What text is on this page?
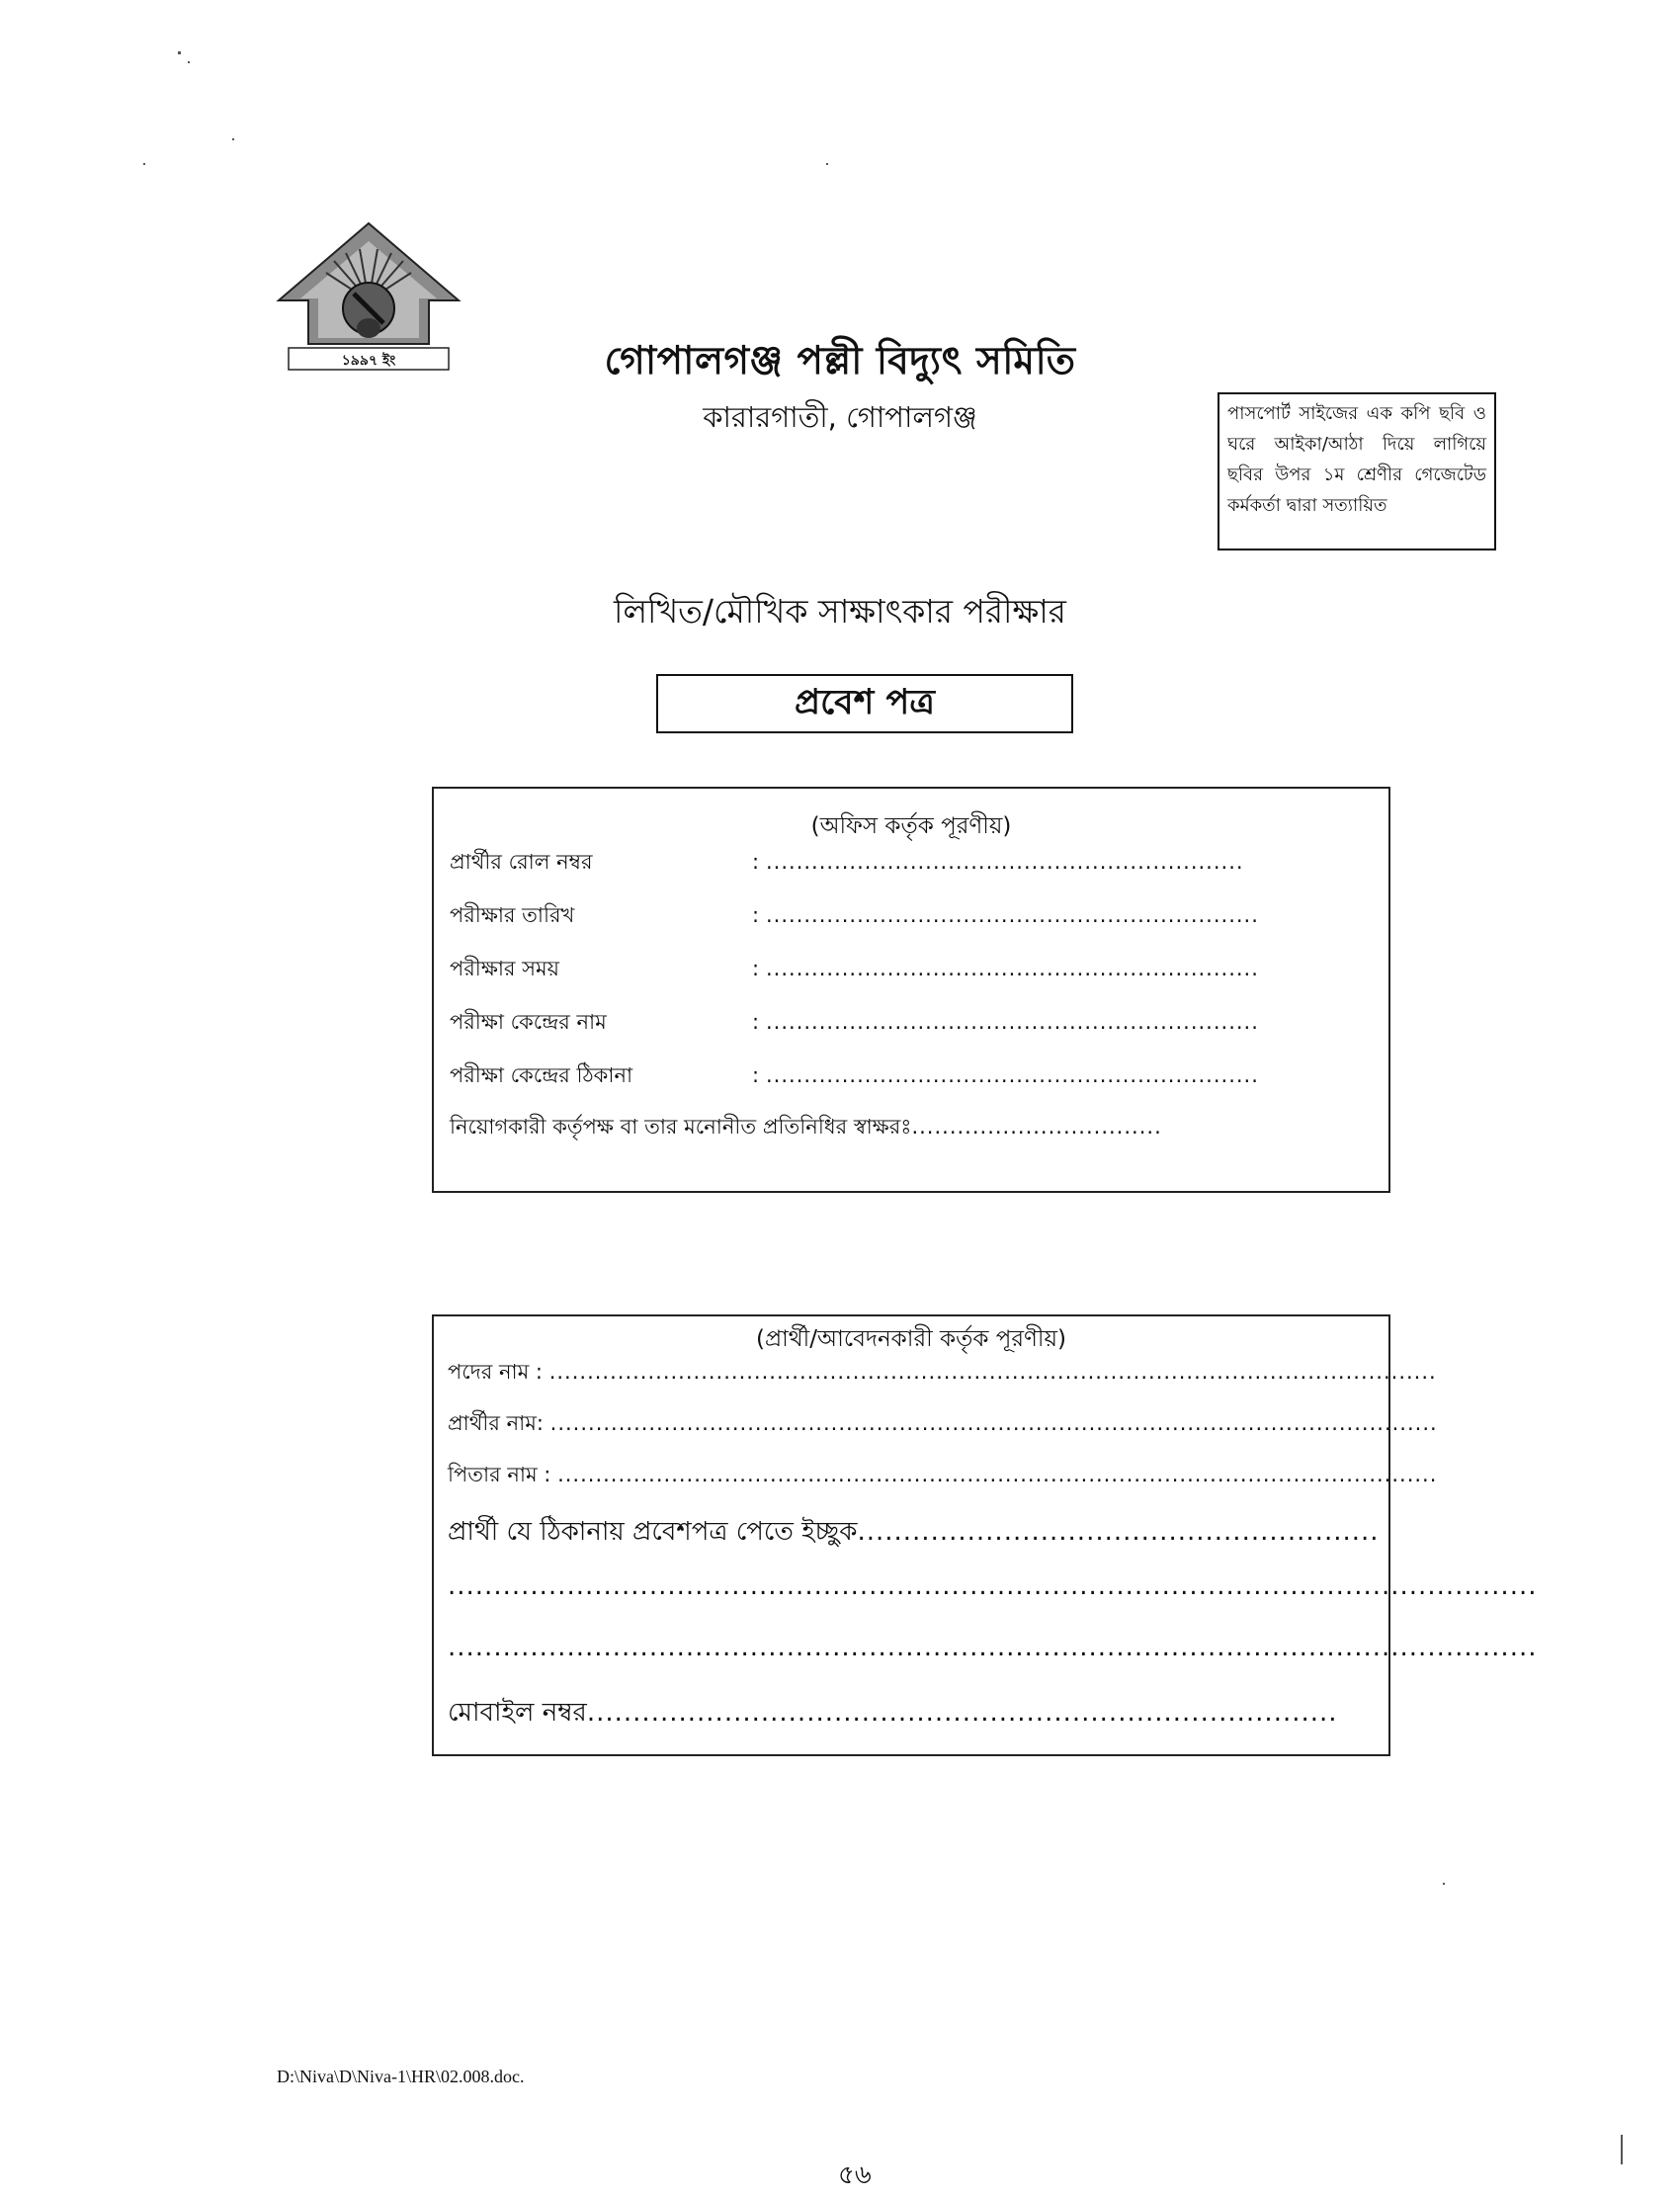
১৯৯৭ ইং	গোপালগঞ্জ পল্লী বিদ্যুৎ সমিতি
কারারগাতী, গোপালগঞ্জ	পাসপোর্ট সাইজের এক কপি ছবি ও ঘরে আইকা/আঠা দিয়ে লাগিয়ে ছবির উপর ১ম শ্রেণীর গেজেটেড কর্মকর্তা দ্বারা সত্যায়িত
লিখিত/মৌখিক সাক্ষাৎকার পরীক্ষার
প্রবেশ পত্র
(অফিস কর্তৃক পূরণীয়)
প্রার্থীর রোল নম্বর	: ...............................................................
পরীক্ষার তারিখ	: .................................................................
পরীক্ষার সময়	: .................................................................
পরীক্ষা কেন্দ্রের নাম	: .................................................................
পরীক্ষা কেন্দ্রের ঠিকানা	: .................................................................
নিয়োগকারী কর্তৃপক্ষ বা তার মনোনীত প্রতিনিধির স্বাক্ষরঃ.................................
(প্রার্থী/আবেদনকারী কর্তৃক পূরণীয়)
পদের নাম : .....................................................................................................................
প্রার্থীর নাম: .....................................................................................................................
পিতার নাম : ....................................................................................................................
প্রার্থী যে ঠিকানায় প্রবেশপত্র পেতে ইচ্ছুক.........................................................
.......................................................................................................................
.......................................................................................................................
মোবাইল নম্বর..................................................................................
D:\Niva\D\Niva-1\HR\02.008.doc.
৫৬
